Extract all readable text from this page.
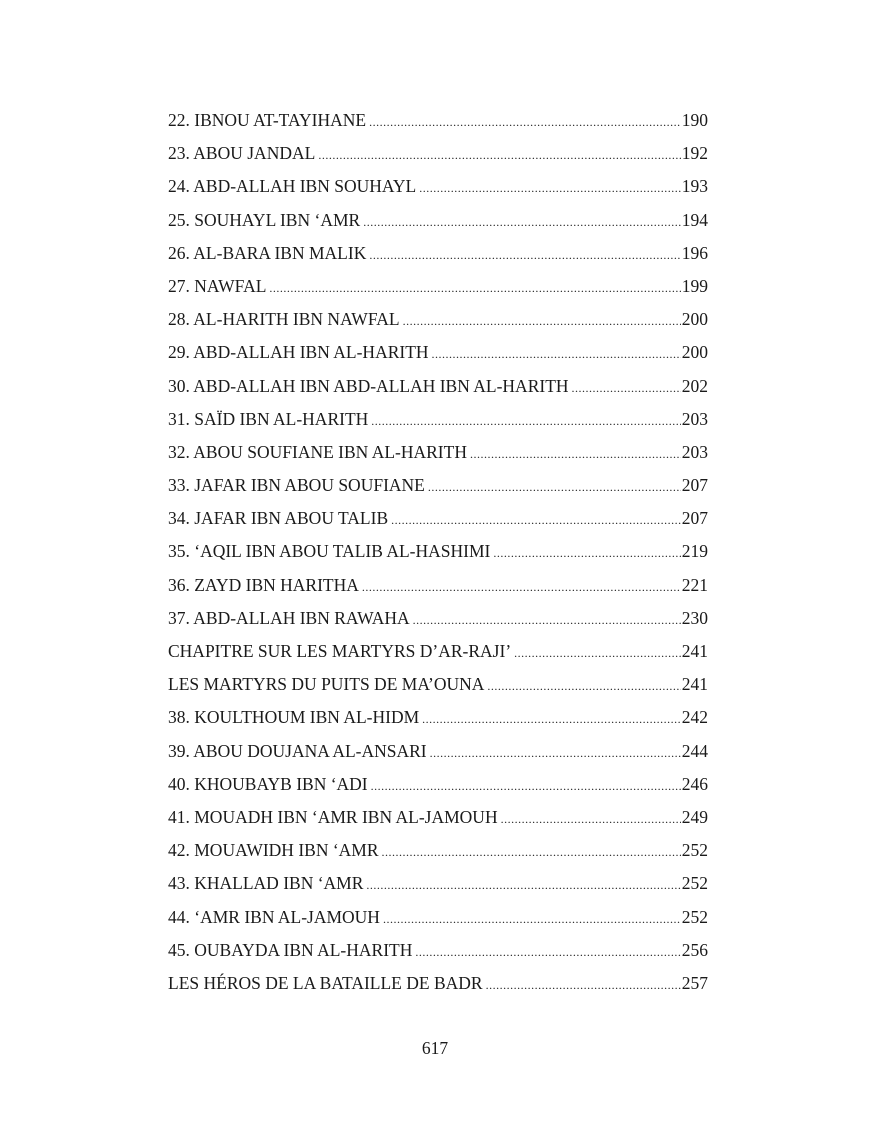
22. IBNOU AT-TAYIHANE .....	190
23. ABOU JANDAL .....	192
24. ABD-ALLAH IBN SOUHAYL .....	193
25. SOUHAYL IBN ‘AMR .....	194
26. AL-BARA IBN MALIK .....	196
27. NAWFAL .....	199
28. AL-HARITH IBN NAWFAL .....	200
29. ABD-ALLAH IBN AL-HARITH .....	200
30. ABD-ALLAH IBN ABD-ALLAH IBN AL-HARITH .....	202
31. SAÏD IBN AL-HARITH .....	203
32. ABOU SOUFIANE IBN AL-HARITH .....	203
33. JAFAR IBN ABOU SOUFIANE .....	207
34. JAFAR IBN ABOU TALIB .....	207
35. ‘AQIL IBN ABOU TALIB AL-HASHIMI .....	219
36. ZAYD IBN HARITHA .....	221
37. ABD-ALLAH IBN RAWAHA .....	230
CHAPITRE SUR LES MARTYRS D’AR-RAJI’ .....	241
LES MARTYRS DU PUITS DE MA’OUNA .....	241
38. KOULTHOUM IBN AL-HIDM .....	242
39. ABOU DOUJANA AL-ANSARI .....	244
40. KHOUBAYB IBN ‘ADI .....	246
41. MOUADH IBN ‘AMR IBN AL-JAMOUH .....	249
42. MOUAWIDH IBN ‘AMR .....	252
43. KHALLAD IBN ‘AMR .....	252
44. ‘AMR IBN AL-JAMOUH .....	252
45. OUBAYDA IBN AL-HARITH .....	256
LES HÉROS DE LA BATAILLE DE BADR .....	257
617
